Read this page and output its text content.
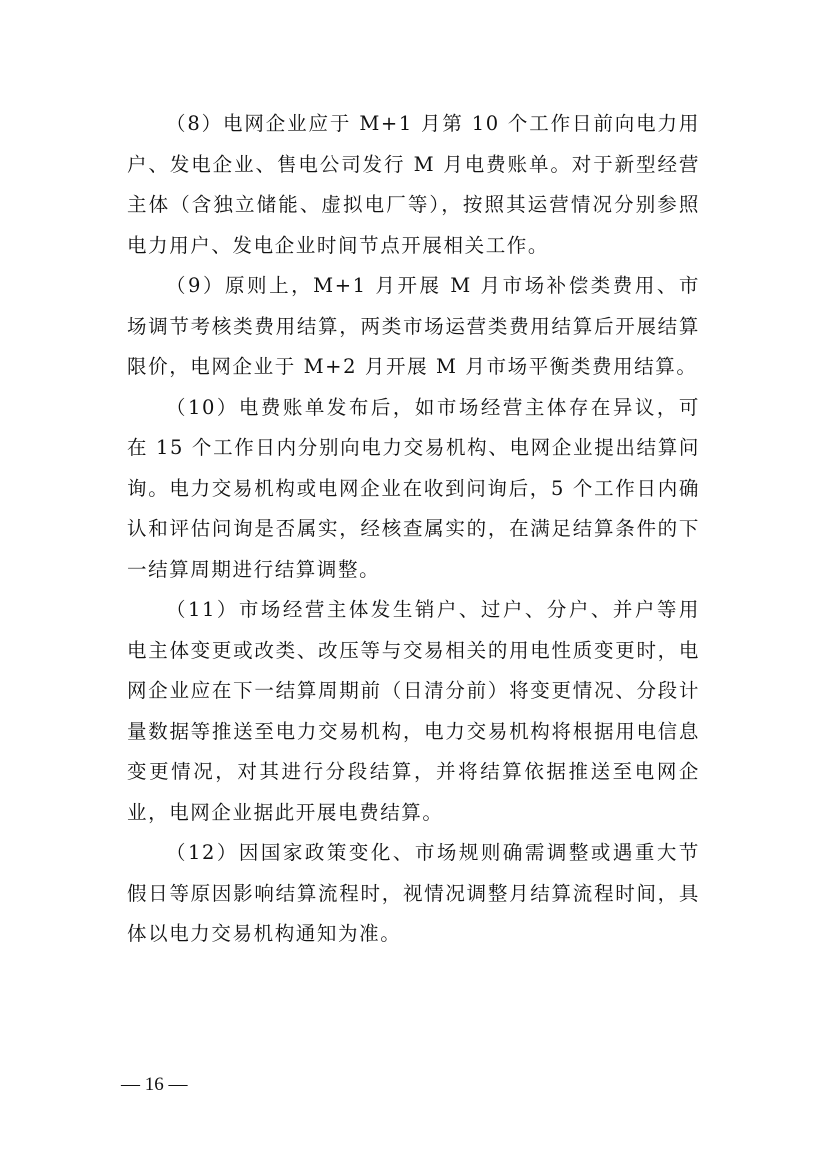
（8）电网企业应于 M+1 月第 10 个工作日前向电力用户、发电企业、售电公司发行 M 月电费账单。对于新型经营主体（含独立储能、虚拟电厂等），按照其运营情况分别参照电力用户、发电企业时间节点开展相关工作。

（9）原则上，M+1 月开展 M 月市场补偿类费用、市场调节考核类费用结算，两类市场运营类费用结算后开展结算限价，电网企业于 M+2 月开展 M 月市场平衡类费用结算。

（10）电费账单发布后，如市场经营主体存在异议，可在 15 个工作日内分别向电力交易机构、电网企业提出结算问询。电力交易机构或电网企业在收到问询后，5 个工作日内确认和评估问询是否属实，经核查属实的，在满足结算条件的下一结算周期进行结算调整。

（11）市场经营主体发生销户、过户、分户、并户等用电主体变更或改类、改压等与交易相关的用电性质变更时，电网企业应在下一结算周期前（日清分前）将变更情况、分段计量数据等推送至电力交易机构，电力交易机构将根据用电信息变更情况，对其进行分段结算，并将结算依据推送至电网企业，电网企业据此开展电费结算。

（12）因国家政策变化、市场规则确需调整或遇重大节假日等原因影响结算流程时，视情况调整月结算流程时间，具体以电力交易机构通知为准。

— 16 —
